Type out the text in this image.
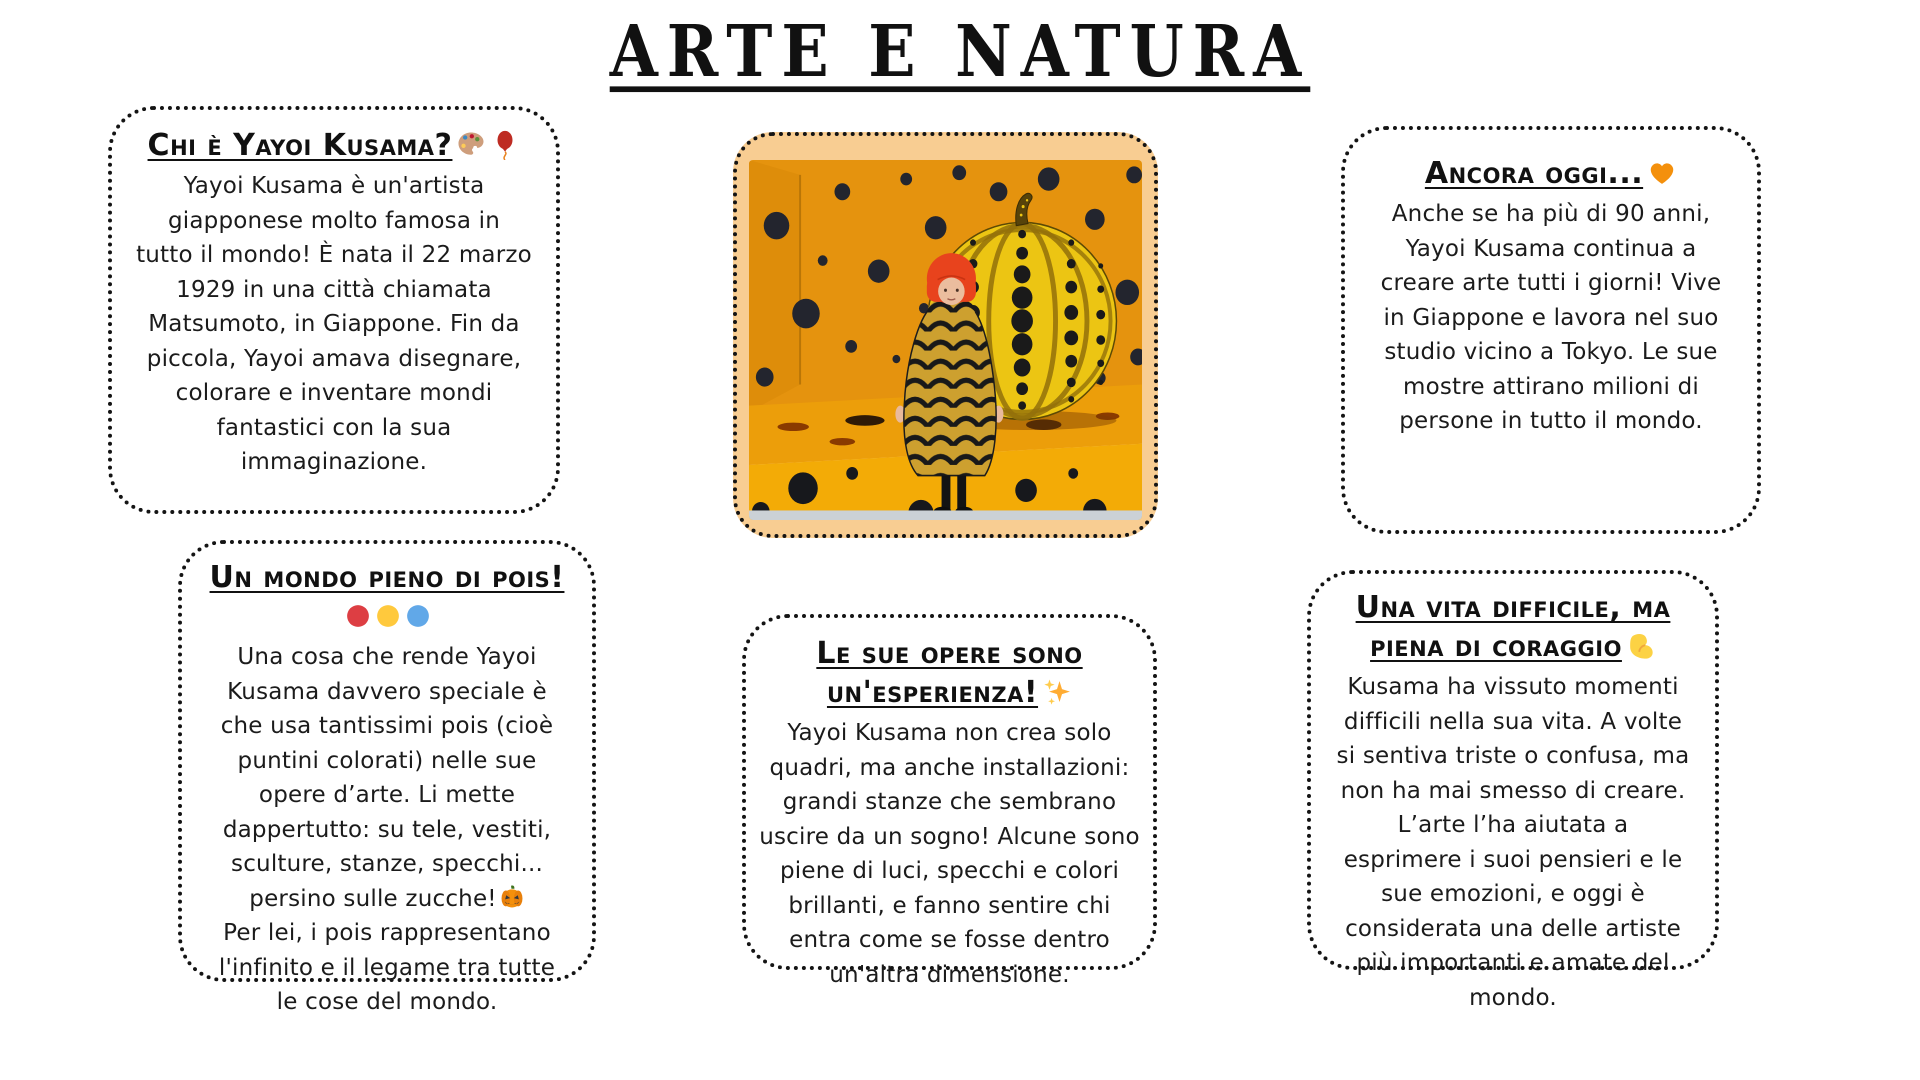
ARTE E NATURA
Chi è Yayoi Kusama?

Yayoi Kusama è un'artista giapponese molto famosa in tutto il mondo! È nata il 22 marzo 1929 in una città chiamata Matsumoto, in Giappone. Fin da piccola, Yayoi amava disegnare, colorare e inventare mondi fantastici con la sua immaginazione.

Un mondo pieno di pois!

Una cosa che rende Yayoi Kusama davvero speciale è che usa tantissimi pois (cioè puntini colorati) nelle sue opere d’arte. Li mette dappertutto: su tele, vestiti, sculture, stanze, specchi... persino sulle zucche!
Per lei, i pois rappresentano l'infinito e il legame tra tutte le cose del mondo.

Le sue opere sono un'esperienza!

Yayoi Kusama non crea solo quadri, ma anche installazioni: grandi stanze che sembrano uscire da un sogno! Alcune sono piene di luci, specchi e colori brillanti, e fanno sentire chi entra come se fosse dentro un'altra dimensione.

Ancora oggi...

Anche se ha più di 90 anni, Yayoi Kusama continua a creare arte tutti i giorni! Vive in Giappone e lavora nel suo studio vicino a Tokyo. Le sue mostre attirano milioni di persone in tutto il mondo.

Una vita difficile, ma piena di coraggio

Kusama ha vissuto momenti difficili nella sua vita. A volte si sentiva triste o confusa, ma non ha mai smesso di creare. L’arte l’ha aiutata a esprimere i suoi pensieri e le sue emozioni, e oggi è considerata una delle artiste più importanti e amate del mondo.
